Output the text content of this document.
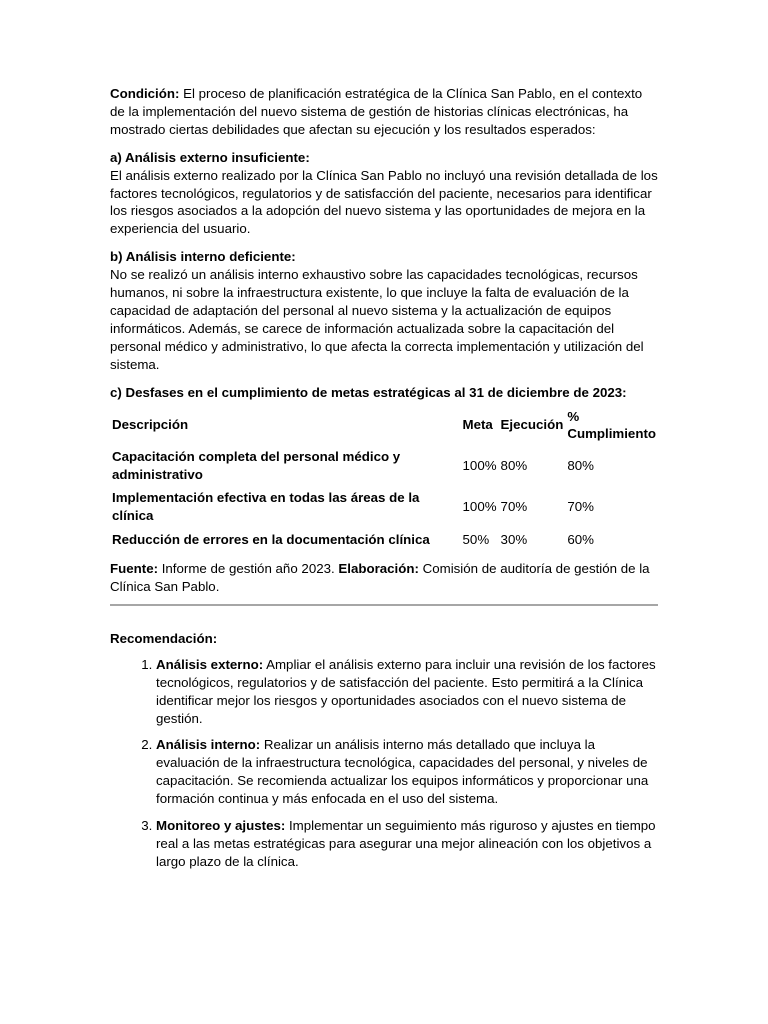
Condición: El proceso de planificación estratégica de la Clínica San Pablo, en el contexto de la implementación del nuevo sistema de gestión de historias clínicas electrónicas, ha mostrado ciertas debilidades que afectan su ejecución y los resultados esperados:

a) Análisis externo insuficiente:

El análisis externo realizado por la Clínica San Pablo no incluyó una revisión detallada de los factores tecnológicos, regulatorios y de satisfacción del paciente, necesarios para identificar los riesgos asociados a la adopción del nuevo sistema y las oportunidades de mejora en la experiencia del usuario.

b) Análisis interno deficiente:

No se realizó un análisis interno exhaustivo sobre las capacidades tecnológicas, recursos humanos, ni sobre la infraestructura existente, lo que incluye la falta de evaluación de la capacidad de adaptación del personal al nuevo sistema y la actualización de equipos informáticos. Además, se carece de información actualizada sobre la capacitación del personal médico y administrativo, lo que afecta la correcta implementación y utilización del sistema.

c) Desfases en el cumplimiento de metas estratégicas al 31 de diciembre de 2023:

Descripción	Meta	Ejecución	% Cumplimiento
Capacitación completa del personal médico y administrativo	100%	80%	80%
Implementación efectiva en todas las áreas de la clínica	100%	70%	70%
Reducción de errores en la documentación clínica	50%	30%	60%

Fuente: Informe de gestión año 2023. Elaboración: Comisión de auditoría de gestión de la Clínica San Pablo.

Recomendación:

1. Análisis externo: Ampliar el análisis externo para incluir una revisión de los factores tecnológicos, regulatorios y de satisfacción del paciente. Esto permitirá a la Clínica identificar mejor los riesgos y oportunidades asociados con el nuevo sistema de gestión.
2. Análisis interno: Realizar un análisis interno más detallado que incluya la evaluación de la infraestructura tecnológica, capacidades del personal, y niveles de capacitación. Se recomienda actualizar los equipos informáticos y proporcionar una formación continua y más enfocada en el uso del sistema.
3. Monitoreo y ajustes: Implementar un seguimiento más riguroso y ajustes en tiempo real a las metas estratégicas para asegurar una mejor alineación con los objetivos a largo plazo de la clínica.
